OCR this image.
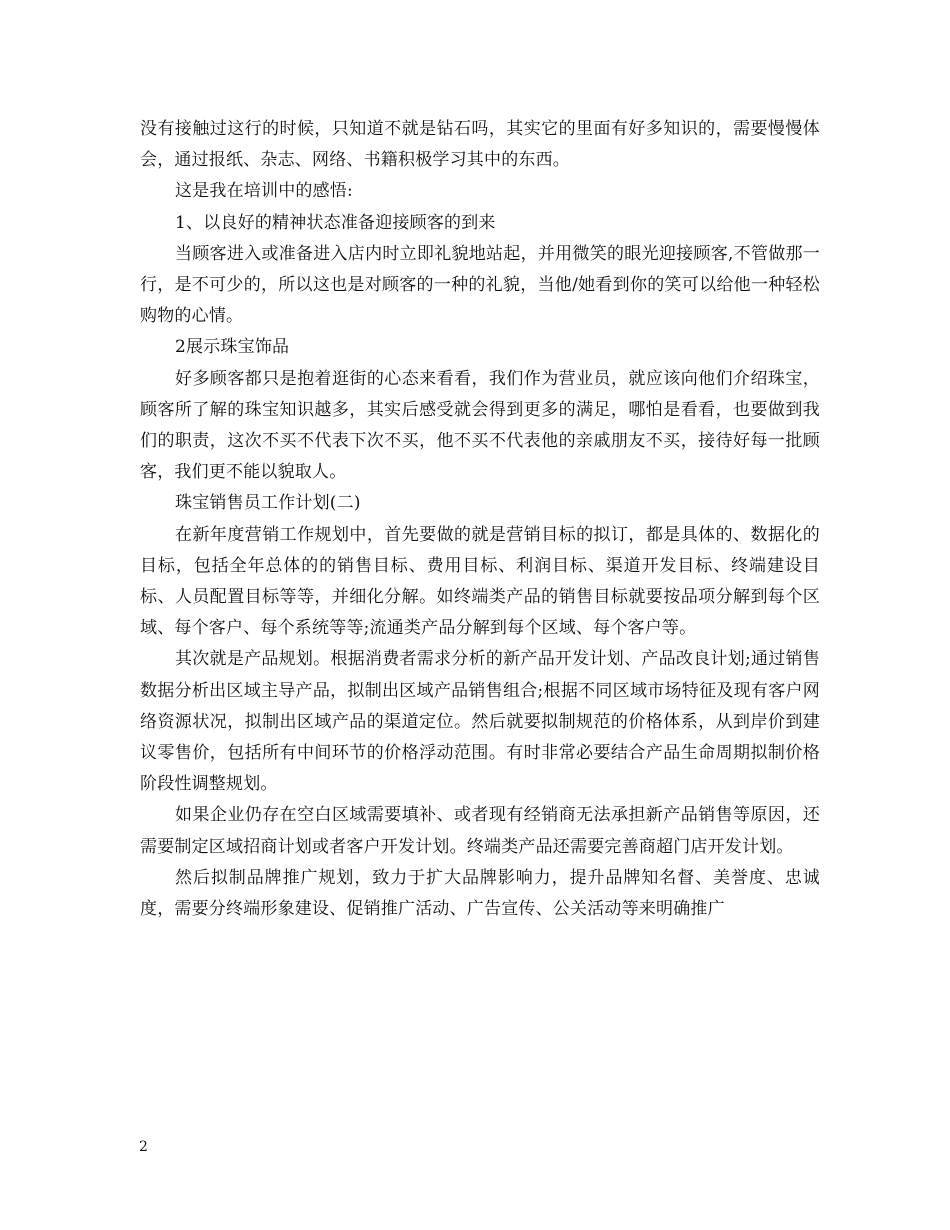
没有接触过这行的时候，只知道不就是钻石吗，其实它的里面有好多知识的，需要慢慢体会，通过报纸、杂志、网络、书籍积极学习其中的东西。

这是我在培训中的感悟:

1、以良好的精神状态准备迎接顾客的到来

当顾客进入或准备进入店内时立即礼貌地站起，并用微笑的眼光迎接顾客,不管做那一行，是不可少的，所以这也是对顾客的一种的礼貌，当他/她看到你的笑可以给他一种轻松购物的心情。

2展示珠宝饰品

好多顾客都只是抱着逛街的心态来看看，我们作为营业员，就应该向他们介绍珠宝，顾客所了解的珠宝知识越多，其实后感受就会得到更多的满足，哪怕是看看，也要做到我们的职责，这次不买不代表下次不买，他不买不代表他的亲戚朋友不买，接待好每一批顾客，我们更不能以貌取人。

珠宝销售员工作计划(二)

在新年度营销工作规划中，首先要做的就是营销目标的拟订，都是具体的、数据化的目标，包括全年总体的的销售目标、费用目标、利润目标、渠道开发目标、终端建设目标、人员配置目标等等，并细化分解。如终端类产品的销售目标就要按品项分解到每个区域、每个客户、每个系统等等;流通类产品分解到每个区域、每个客户等。

其次就是产品规划。根据消费者需求分析的新产品开发计划、产品改良计划;通过销售数据分析出区域主导产品，拟制出区域产品销售组合;根据不同区域市场特征及现有客户网络资源状况，拟制出区域产品的渠道定位。然后就要拟制规范的价格体系，从到岸价到建议零售价，包括所有中间环节的价格浮动范围。有时非常必要结合产品生命周期拟制价格阶段性调整规划。

如果企业仍存在空白区域需要填补、或者现有经销商无法承担新产品销售等原因，还需要制定区域招商计划或者客户开发计划。终端类产品还需要完善商超门店开发计划。

然后拟制品牌推广规划，致力于扩大品牌影响力，提升品牌知名督、美誉度、忠诚度，需要分终端形象建设、促销推广活动、广告宣传、公关活动等来明确推广

2
